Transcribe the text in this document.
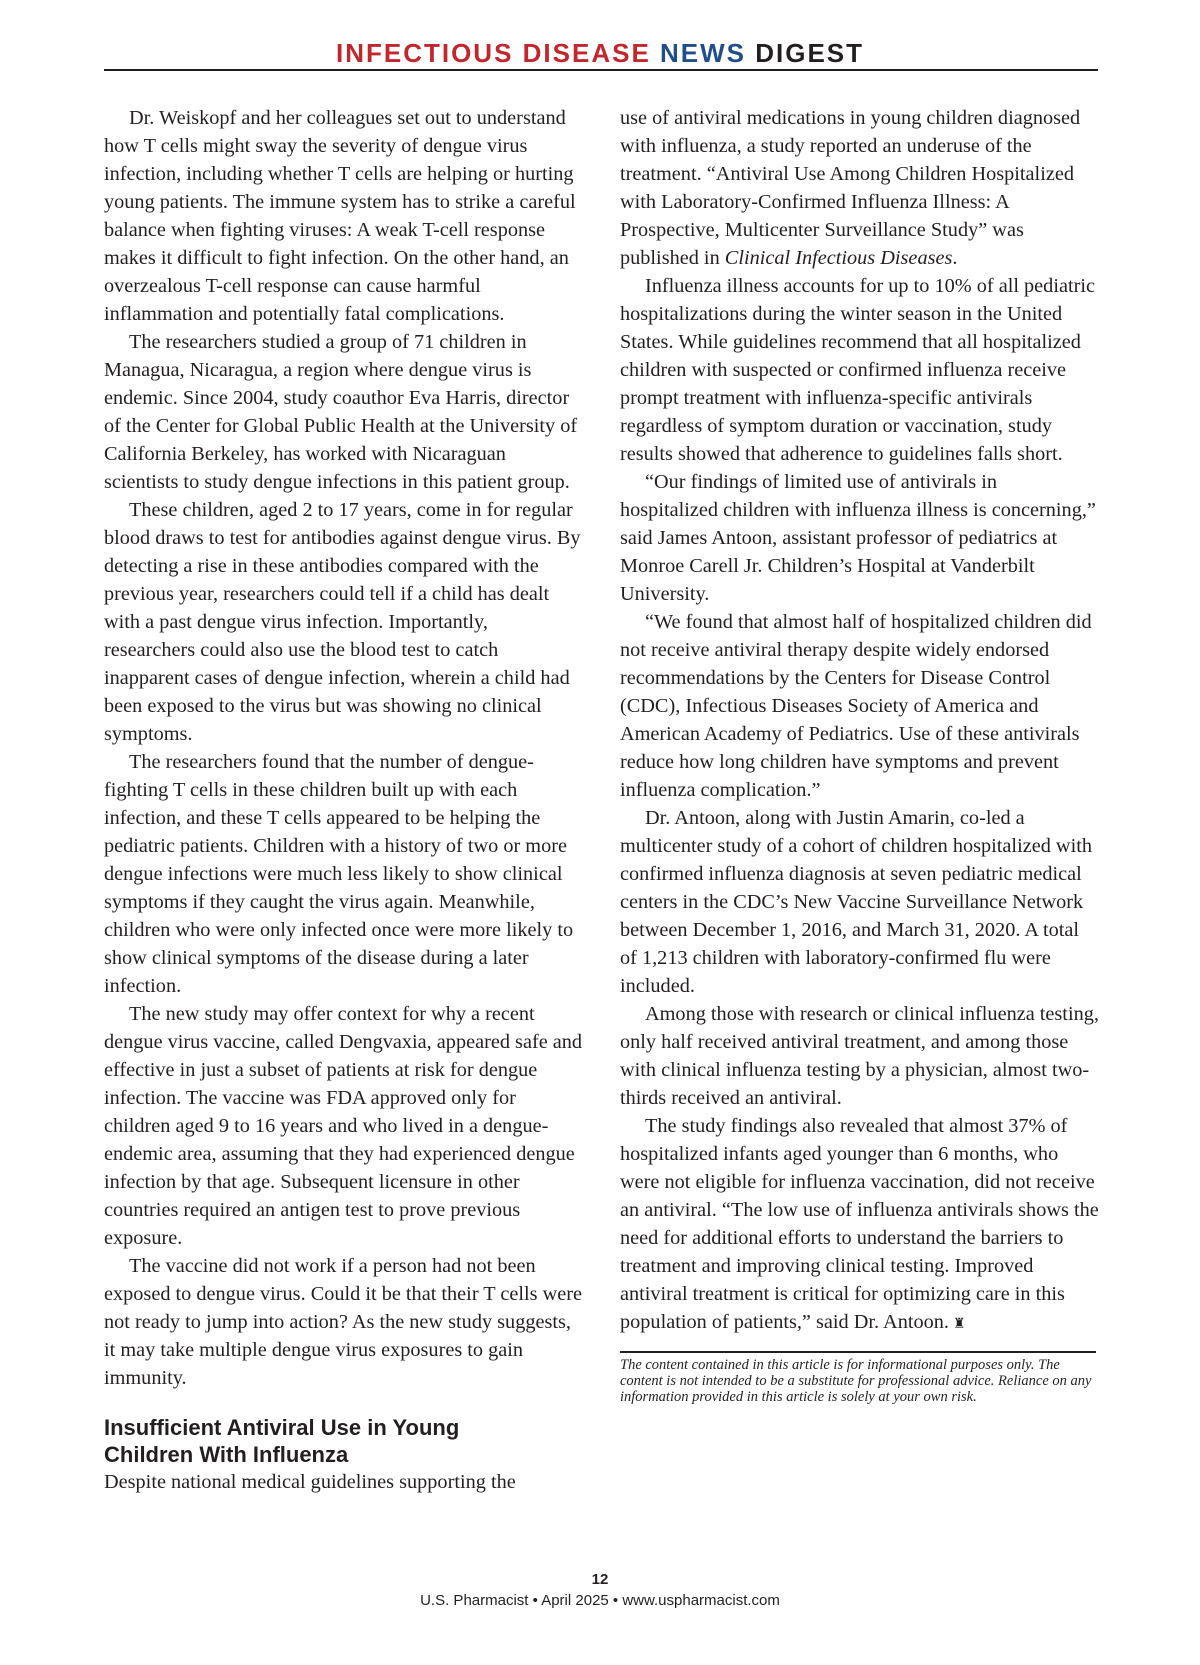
INFECTIOUS DISEASE NEWS DIGEST

Dr. Weiskopf and her colleagues set out to understand how T cells might sway the severity of dengue virus infection, including whether T cells are helping or hurting young patients. The immune system has to strike a careful balance when fighting viruses: A weak T-cell response makes it difficult to fight infection. On the other hand, an overzealous T-cell response can cause harmful inflammation and potentially fatal complications.

The researchers studied a group of 71 children in Managua, Nicaragua, a region where dengue virus is endemic. Since 2004, study coauthor Eva Harris, director of the Center for Global Public Health at the University of California Berkeley, has worked with Nicaraguan scientists to study dengue infections in this patient group.

These children, aged 2 to 17 years, come in for regular blood draws to test for antibodies against dengue virus. By detecting a rise in these antibodies compared with the previous year, researchers could tell if a child has dealt with a past dengue virus infection. Importantly, researchers could also use the blood test to catch inapparent cases of dengue infection, wherein a child had been exposed to the virus but was showing no clinical symptoms.

The researchers found that the number of dengue-fighting T cells in these children built up with each infection, and these T cells appeared to be helping the pediatric patients. Children with a history of two or more dengue infections were much less likely to show clinical symptoms if they caught the virus again. Meanwhile, children who were only infected once were more likely to show clinical symptoms of the disease during a later infection.

The new study may offer context for why a recent dengue virus vaccine, called Dengvaxia, appeared safe and effective in just a subset of patients at risk for dengue infection. The vaccine was FDA approved only for children aged 9 to 16 years and who lived in a dengue-endemic area, assuming that they had experienced dengue infection by that age. Subsequent licensure in other countries required an antigen test to prove previous exposure.

The vaccine did not work if a person had not been exposed to dengue virus. Could it be that their T cells were not ready to jump into action? As the new study suggests, it may take multiple dengue virus exposures to gain immunity.

Insufficient Antiviral Use in Young
Children With Influenza

Despite national medical guidelines supporting the

use of antiviral medications in young children diagnosed with influenza, a study reported an underuse of the treatment. “Antiviral Use Among Children Hospitalized with Laboratory-Confirmed Influenza Illness: A Prospective, Multicenter Surveillance Study” was published in Clinical Infectious Diseases.

Influenza illness accounts for up to 10% of all pediatric hospitalizations during the winter season in the United States. While guidelines recommend that all hospitalized children with suspected or confirmed influenza receive prompt treatment with influenza-specific antivirals regardless of symptom duration or vaccination, study results showed that adherence to guidelines falls short.

“Our findings of limited use of antivirals in hospitalized children with influenza illness is concerning,” said James Antoon, assistant professor of pediatrics at Monroe Carell Jr. Children’s Hospital at Vanderbilt University.

“We found that almost half of hospitalized children did not receive antiviral therapy despite widely endorsed recommendations by the Centers for Disease Control (CDC), Infectious Diseases Society of America and American Academy of Pediatrics. Use of these antivirals reduce how long children have symptoms and prevent influenza complication.”

Dr. Antoon, along with Justin Amarin, co-led a multicenter study of a cohort of children hospitalized with confirmed influenza diagnosis at seven pediatric medical centers in the CDC’s New Vaccine Surveillance Network between December 1, 2016, and March 31, 2020. A total of 1,213 children with laboratory-confirmed flu were included.

Among those with research or clinical influenza testing, only half received antiviral treatment, and among those with clinical influenza testing by a physician, almost two-thirds received an antiviral.

The study findings also revealed that almost 37% of hospitalized infants aged younger than 6 months, who were not eligible for influenza vaccination, did not receive an antiviral. “The low use of influenza antivirals shows the need for additional efforts to understand the barriers to treatment and improving clinical testing. Improved antiviral treatment is critical for optimizing care in this population of patients,” said Dr. Antoon. ♜

The content contained in this article is for informational purposes only. The content is not intended to be a substitute for professional advice. Reliance on any information provided in this article is solely at your own risk.
12
U.S. Pharmacist • April 2025 • www.uspharmacist.com
